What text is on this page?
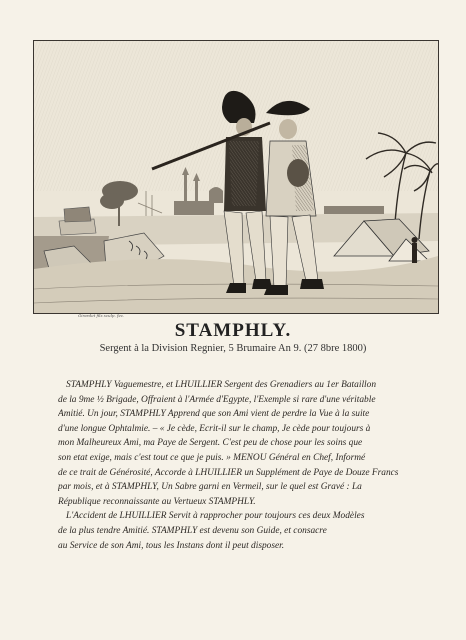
Girardet fils sculp. fec.
STAMPHLY.
Sergent à la Division Regnier, 5 Brumaire An 9. (27 8bre 1800)

STAMPHLY Vaguemestre, et LHUILLIER Sergent des Grenadiers au 1er Bataillon
de la 9me ½ Brigade, Offraient à l'Armée d'Egypte, l'Exemple si rare d'une véritable
Amitié. Un jour, STAMPHLY Apprend que son Ami vient de perdre la Vue à la suite
d'une longue Ophtalmie. – « Je cède, Ecrit-il sur le champ, Je cède pour toujours à
mon Malheureux Ami, ma Paye de Sergent. C'est peu de chose pour les soins que
son etat exige, mais c'est tout ce que je puis. » MENOU Général en Chef, Informé
de ce trait de Générosité, Accorde à LHUILLIER un Supplément de Paye de Douze Francs
par mois, et à STAMPHLY, Un Sabre garni en Vermeil, sur le quel est Gravé : La
République reconnaissante au Vertueux STAMPHLY.

L'Accident de LHUILLIER Servit à rapprocher pour toujours ces deux Modèles
de la plus tendre Amitié. STAMPHLY est devenu son Guide, et consacre
au Service de son Ami, tous les Instans dont il peut disposer.
